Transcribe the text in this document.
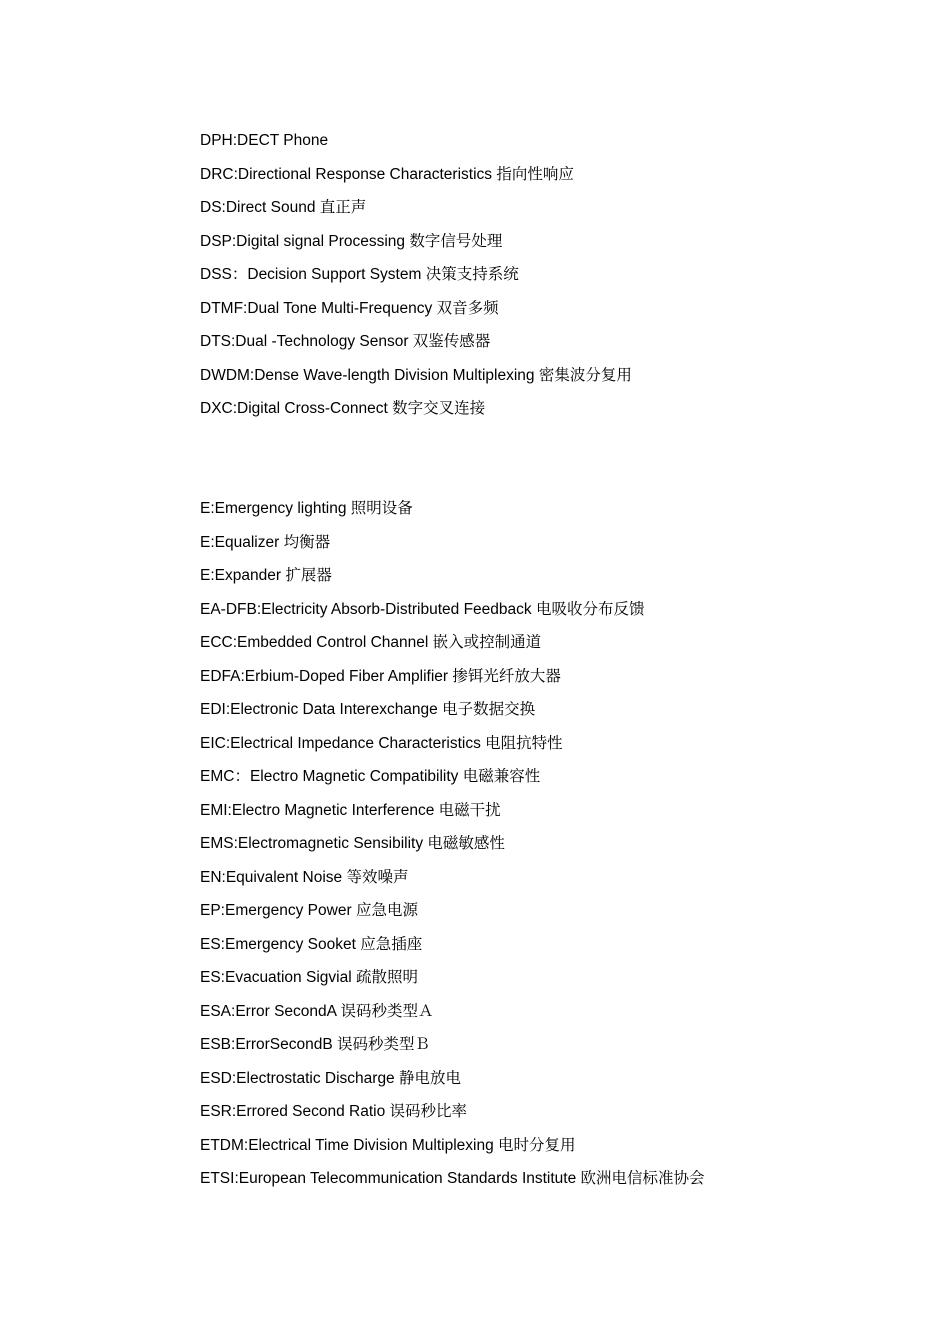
DPH:DECT Phone
DRC:Directional Response Characteristics 指向性响应
DS:Direct Sound 直正声
DSP:Digital signal Processing 数字信号处理
DSS：Decision Support System 决策支持系统
DTMF:Dual Tone Multi-Frequency 双音多频
DTS:Dual -Technology Sensor 双鉴传感器
DWDM:Dense Wave-length Division Multiplexing 密集波分复用
DXC:Digital Cross-Connect 数字交叉连接
E:Emergency lighting 照明设备
E:Equalizer 均衡器
E:Expander 扩展器
EA-DFB:Electricity Absorb-Distributed Feedback 电吸收分布反馈
ECC:Embedded Control Channel 嵌入或控制通道
EDFA:Erbium-Doped Fiber Amplifier 掺铒光纤放大器
EDI:Electronic Data Interexchange 电子数据交换
EIC:Electrical Impedance Characteristics 电阻抗特性
EMC：Electro Magnetic Compatibility 电磁兼容性
EMI:Electro Magnetic Interference 电磁干扰
EMS:Electromagnetic Sensibility 电磁敏感性
EN:Equivalent Noise 等效噪声
EP:Emergency Power 应急电源
ES:Emergency Sooket 应急插座
ES:Evacuation Sigvial 疏散照明
ESA:Error SecondA 误码秒类型Ａ
ESB:ErrorSecondB 误码秒类型Ｂ
ESD:Electrostatic Discharge 静电放电
ESR:Errored Second Ratio 误码秒比率
ETDM:Electrical Time Division Multiplexing 电时分复用
ETSI:European Telecommunication Standards Institute 欧洲电信标准协会
